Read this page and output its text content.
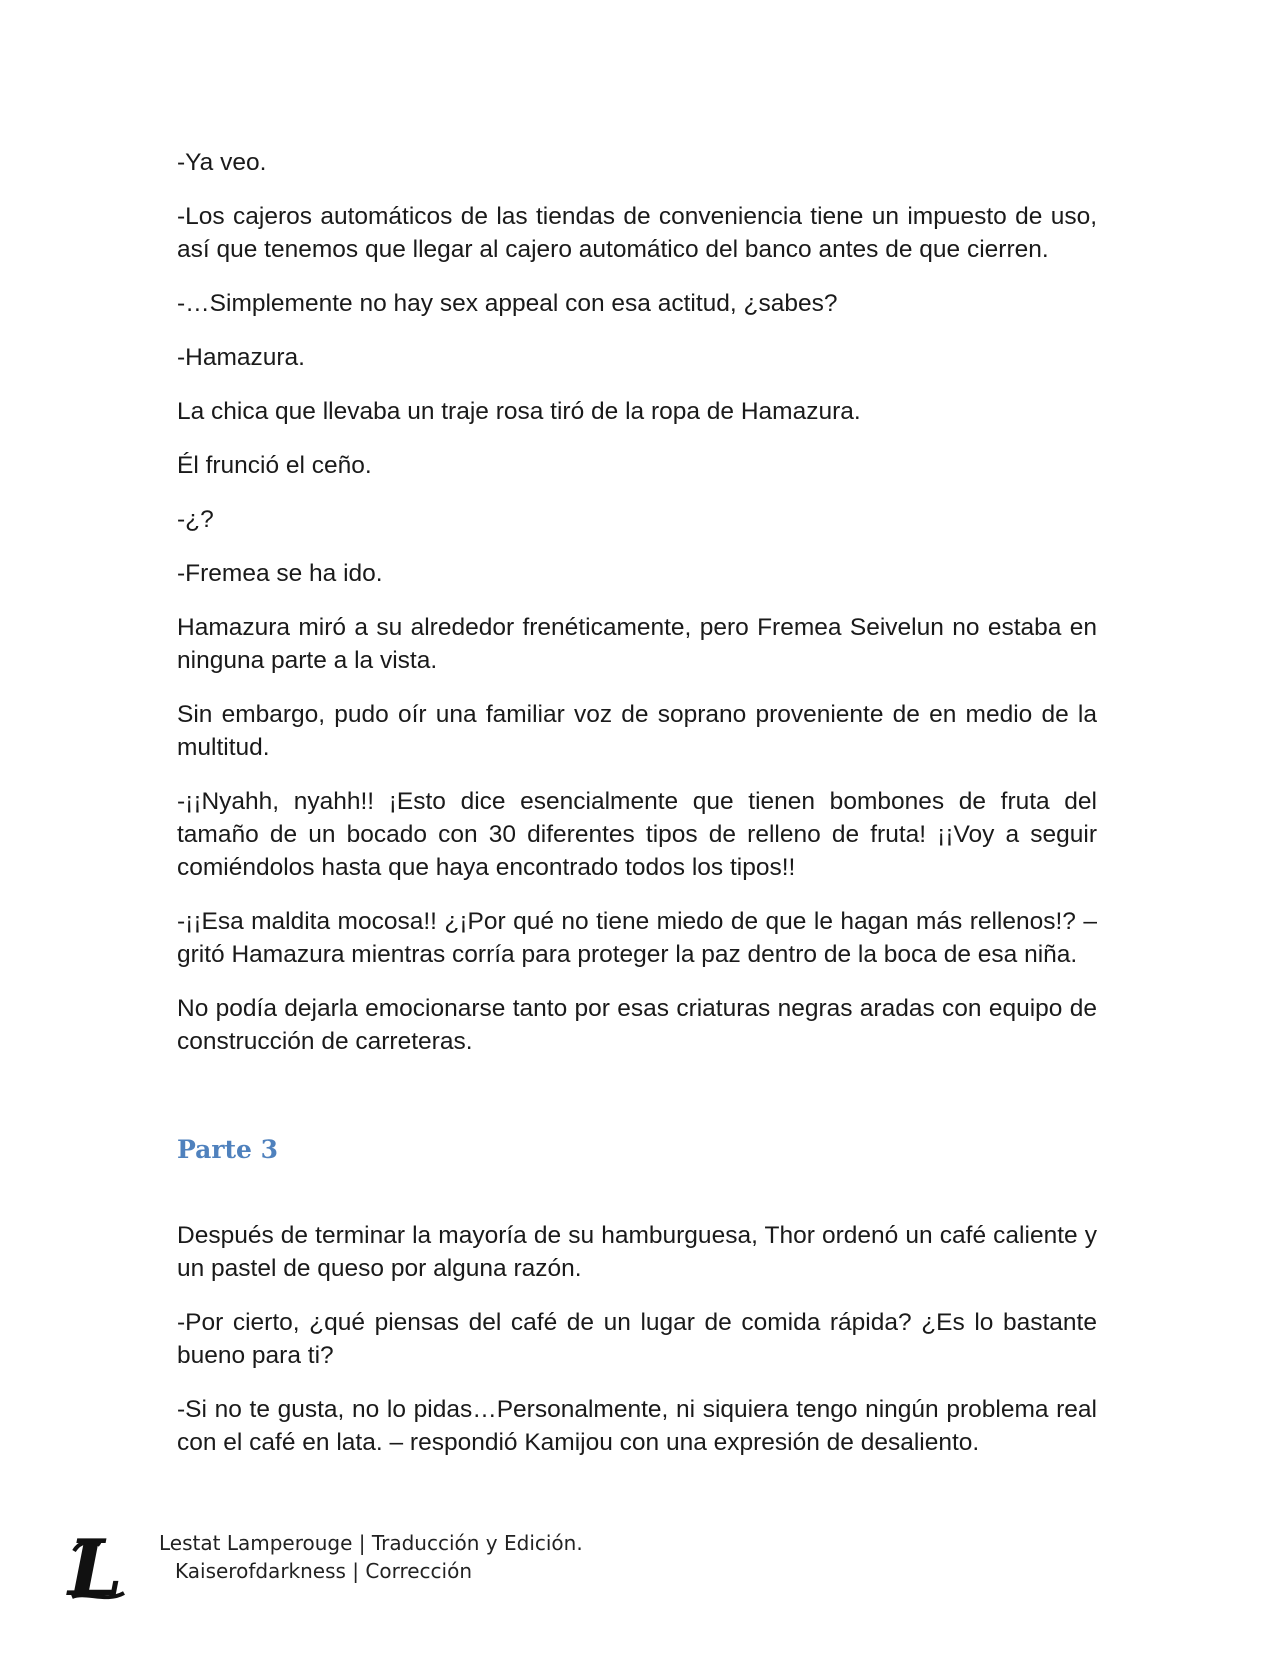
-Ya veo.

-Los cajeros automáticos de las tiendas de conveniencia tiene un impuesto de uso, así que tenemos que llegar al cajero automático del banco antes de que cierren.

-…Simplemente no hay sex appeal con esa actitud, ¿sabes?

-Hamazura.

La chica que llevaba un traje rosa tiró de la ropa de Hamazura.

Él frunció el ceño.

-¿?

-Fremea se ha ido.

Hamazura miró a su alrededor frenéticamente, pero Fremea Seivelun no estaba en ninguna parte a la vista.

Sin embargo, pudo oír una familiar voz de soprano proveniente de en medio de la multitud.

-¡¡Nyahh, nyahh!! ¡Esto dice esencialmente que tienen bombones de fruta del tamaño de un bocado con 30 diferentes tipos de relleno de fruta! ¡¡Voy a seguir comiéndolos hasta que haya encontrado todos los tipos!!

-¡¡Esa maldita mocosa!! ¿¡Por qué no tiene miedo de que le hagan más rellenos!? – gritó Hamazura mientras corría para proteger la paz dentro de la boca de esa niña.

No podía dejarla emocionarse tanto por esas criaturas negras aradas con equipo de construcción de carreteras.

Parte 3

Después de terminar la mayoría de su hamburguesa, Thor ordenó un café caliente y un pastel de queso por alguna razón.

-Por cierto, ¿qué piensas del café de un lugar de comida rápida? ¿Es lo bastante bueno para ti?

-Si no te gusta, no lo pidas…Personalmente, ni siquiera tengo ningún problema real con el café en lata. – respondió Kamijou con una expresión de desaliento.

L Lestat Lamperouge | Traducción y Edición.
Kaiserofdarkness | Corrección
